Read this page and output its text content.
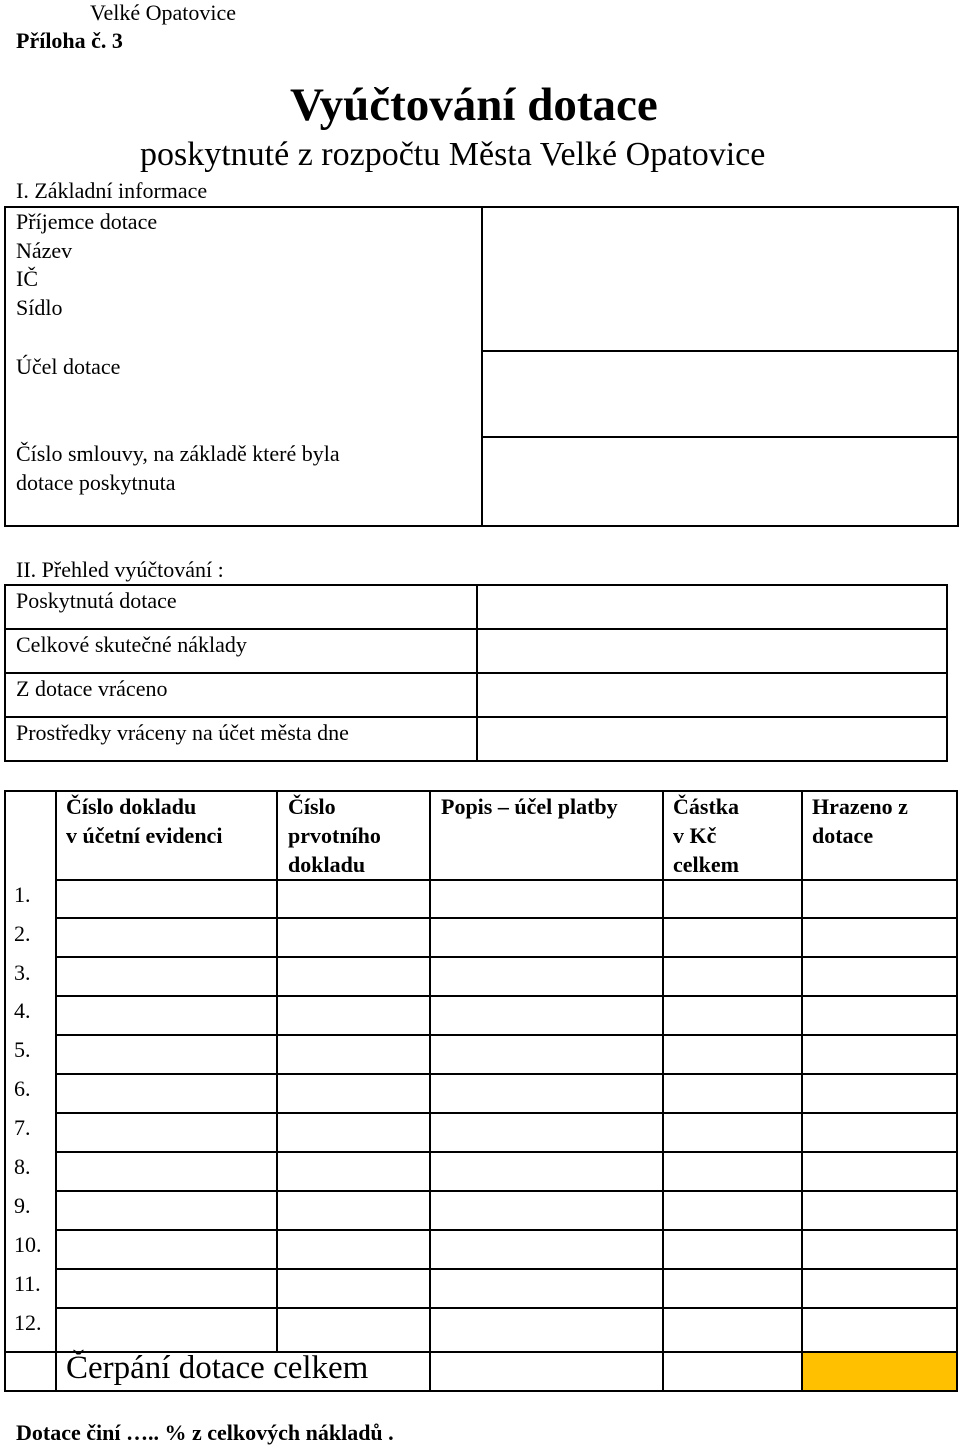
Velké Opatovice
Příloha č. 3
Vyúčtování dotace
poskytnuté z rozpočtu Města Velké Opatovice
I. Základní informace
Příjemce dotace
Název
IČ
Sídlo
Účel dotace
Číslo smlouvy, na základě které byla
dotace poskytnuta
II. Přehled vyúčtování :
Poskytnutá dotace
Celkové skutečné náklady
Z dotace vráceno
Prostředky vráceny na účet města dne
Číslo dokladu
v účetní evidenci
Číslo
prvotního
dokladu
Popis – účel platby	Částka
v Kč
celkem
Hrazeno z
dotace
1.
2.
3.
4.
5.
6.
7.
8.
9.
10.
11.
12.
Čerpání dotace celkem
Dotace činí ….. % z celkových nákladů .
